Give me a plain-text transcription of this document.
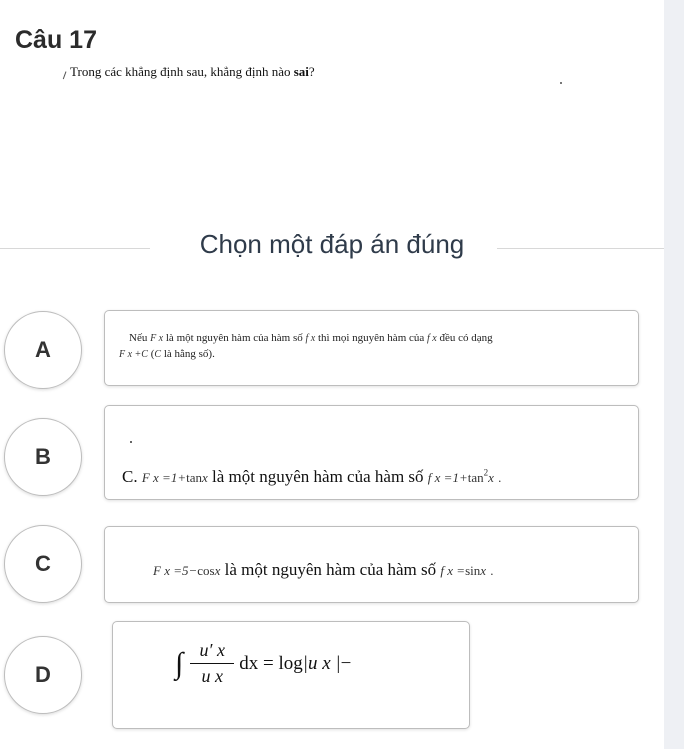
Câu 17
Trong các khẳng định sau, khẳng định nào sai?
Chọn một đáp án đúng
A	Nếu F x là một nguyên hàm của hàm số f x thì mọi nguyên hàm của f x đều có dạng
F x +C (C là hằng số).
B
C. F x =1+tanx là một nguyên hàm của hàm số f $x =1+\tan^2x$ .
C	F x =5−cosx là một nguyên hàm của hàm số f x =sinx .
D	∫ $\frac{u' x}{\text{u x}}$ dx = log|u x |−
